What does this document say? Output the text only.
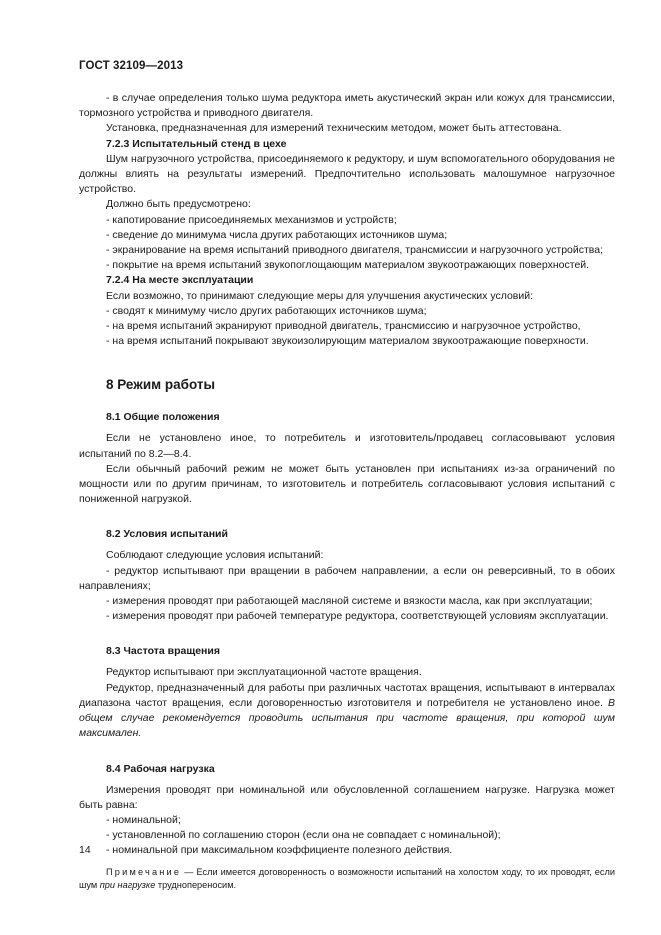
ГОСТ 32109—2013

- в случае определения только шума редуктора иметь акустический экран или кожух для трансмиссии, тормозного устройства и приводного двигателя.

Установка, предназначенная для измерений техническим методом, может быть аттестована.

7.2.3 Испытательный стенд в цехе

Шум нагрузочного устройства, присоединяемого к редуктору, и шум вспомогательного оборудования не должны влиять на результаты измерений. Предпочтительно использовать малошумное нагрузочное устройство.

Должно быть предусмотрено:

- капотирование присоединяемых механизмов и устройств;

- сведение до минимума числа других работающих источников шума;

- экранирование на время испытаний приводного двигателя, трансмиссии и нагрузочного устройства;

- покрытие на время испытаний звукопоглощающим материалом звукоотражающих поверхностей.

7.2.4 На месте эксплуатации

Если возможно, то принимают следующие меры для улучшения акустических условий:

- сводят к минимуму число других работающих источников шума;

- на время испытаний экранируют приводной двигатель, трансмиссию и нагрузочное устройство,

- на время испытаний покрывают звукоизолирующим материалом звукоотражающие поверхности.

8 Режим работы

8.1 Общие положения

Если не установлено иное, то потребитель и изготовитель/продавец согласовывают условия испытаний по 8.2—8.4.

Если обычный рабочий режим не может быть установлен при испытаниях из-за ограничений по мощности или по другим причинам, то изготовитель и потребитель согласовывают условия испытаний с пониженной нагрузкой.

8.2 Условия испытаний

Соблюдают следующие условия испытаний:

- редуктор испытывают при вращении в рабочем направлении, а если он реверсивный, то в обоих направлениях;

- измерения проводят при работающей масляной системе и вязкости масла, как при эксплуатации;

- измерения проводят при рабочей температуре редуктора, соответствующей условиям эксплуатации.

8.3 Частота вращения

Редуктор испытывают при эксплуатационной частоте вращения.

Редуктор, предназначенный для работы при различных частотах вращения, испытывают в интервалах диапазона частот вращения, если договоренностью изготовителя и потребителя не установлено иное. В общем случае рекомендуется проводить испытания при частоте вращения, при которой шум максимален.

8.4 Рабочая нагрузка

Измерения проводят при номинальной или обусловленной соглашением нагрузке. Нагрузка может быть равна:

- номинальной;

- установленной по соглашению сторон (если она не совпадает с номинальной);

- номинальной при максимальном коэффициенте полезного действия.

Примечание — Если имеется договоренность о возможности испытаний на холостом ходу, то их проводят, если шум при нагрузке труднопереносим.

14
